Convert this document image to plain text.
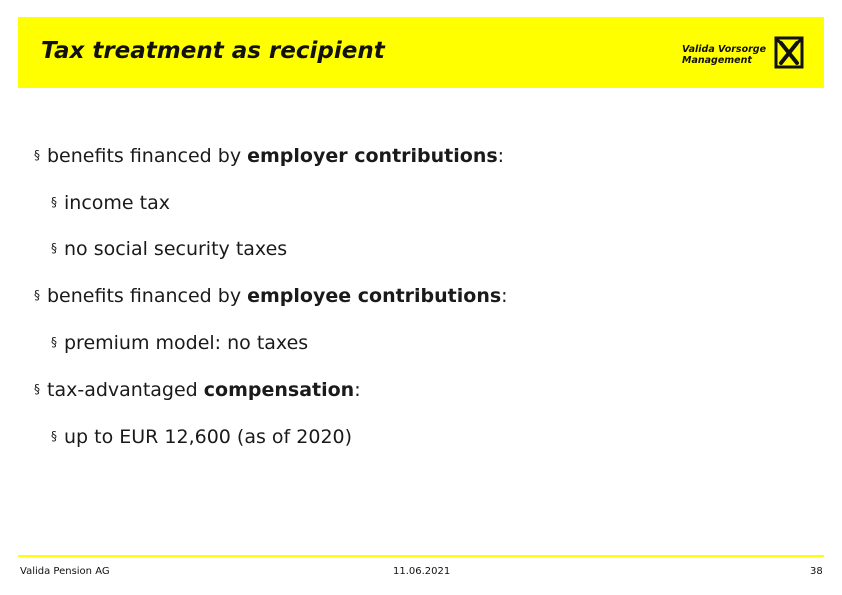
Tax treatment as recipient	Valida Vorsorge
Management
§ benefits financed by employer contributions:
§ income tax
§ no social security taxes
§ benefits financed by employee contributions:
§ premium model: no taxes
§ tax-advantaged compensation:
§ up to EUR 12,600 (as of 2020)
Valida Pension AG	11.06.2021	38
